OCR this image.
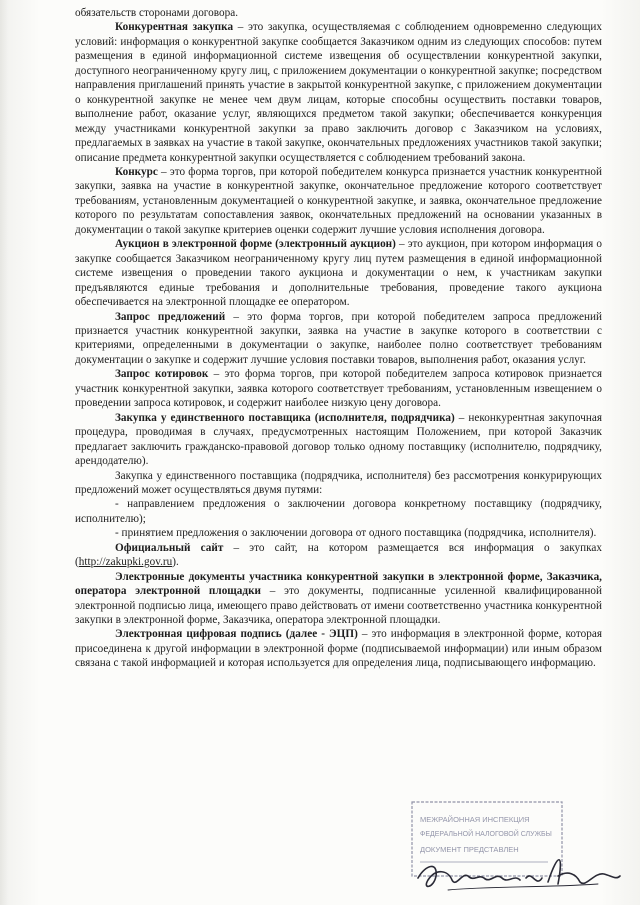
обязательств сторонами договора.

Конкурентная закупка – это закупка, осуществляемая с соблюдением одновременно следующих условий: информация о конкурентной закупке сообщается Заказчиком одним из следующих способов: путем размещения в единой информационной системе извещения об осуществлении конкурентной закупки, доступного неограниченному кругу лиц, с приложением документации о конкурентной закупке; посредством направления приглашений принять участие в закрытой конкурентной закупке, с приложением документации о конкурентной закупке не менее чем двум лицам, которые способны осуществить поставки товаров, выполнение работ, оказание услуг, являющихся предметом такой закупки; обеспечивается конкуренция между участниками конкурентной закупки за право заключить договор с Заказчиком на условиях, предлагаемых в заявках на участие в такой закупке, окончательных предложениях участников такой закупки; описание предмета конкурентной закупки осуществляется с соблюдением требований закона.

Конкурс – это форма торгов, при которой победителем конкурса признается участник конкурентной закупки, заявка на участие в конкурентной закупке, окончательное предложение которого соответствует требованиям, установленным документацией о конкурентной закупке, и заявка, окончательное предложение которого по результатам сопоставления заявок, окончательных предложений на основании указанных в документации о такой закупке критериев оценки содержит лучшие условия исполнения договора.

Аукцион в электронной форме (электронный аукцион) – это аукцион, при котором информация о закупке сообщается Заказчиком неограниченному кругу лиц путем размещения в единой информационной системе извещения о проведении такого аукциона и документации о нем, к участникам закупки предъявляются единые требования и дополнительные требования, проведение такого аукциона обеспечивается на электронной площадке ее оператором.

Запрос предложений – это форма торгов, при которой победителем запроса предложений признается участник конкурентной закупки, заявка на участие в закупке которого в соответствии с критериями, определенными в документации о закупке, наиболее полно соответствует требованиям документации о закупке и содержит лучшие условия поставки товаров, выполнения работ, оказания услуг.

Запрос котировок – это форма торгов, при которой победителем запроса котировок признается участник конкурентной закупки, заявка которого соответствует требованиям, установленным извещением о проведении запроса котировок, и содержит наиболее низкую цену договора.

Закупка у единственного поставщика (исполнителя, подрядчика) – неконкурентная закупочная процедура, проводимая в случаях, предусмотренных настоящим Положением, при которой Заказчик предлагает заключить гражданско-правовой договор только одному поставщику (исполнителю, подрядчику, арендодателю).

Закупка у единственного поставщика (подрядчика, исполнителя) без рассмотрения конкурирующих предложений может осуществляться двумя путями:

- направлением предложения о заключении договора конкретному поставщику (подрядчику, исполнителю);

- принятием предложения о заключении договора от одного поставщика (подрядчика, исполнителя).

Официальный сайт – это сайт, на котором размещается вся информация о закупках (http://zakupki.gov.ru).

Электронные документы участника конкурентной закупки в электронной форме, Заказчика, оператора электронной площадки – это документы, подписанные усиленной квалифицированной электронной подписью лица, имеющего право действовать от имени соответственно участника конкурентной закупки в электронной форме, Заказчика, оператора электронной площадки.

Электронная цифровая подпись (далее - ЭЦП) – это информация в электронной форме, которая присоединена к другой информации в электронной форме (подписываемой информации) или иным образом связана с такой информацией и которая используется для определения лица, подписывающего информацию.

МЕЖРАЙОННАЯ ИНСПЕКЦИЯ
ФЕДЕРАЛЬНОЙ НАЛОГОВОЙ СЛУЖБЫ
ДОКУМЕНТ ПРЕДСТАВЛЕН
